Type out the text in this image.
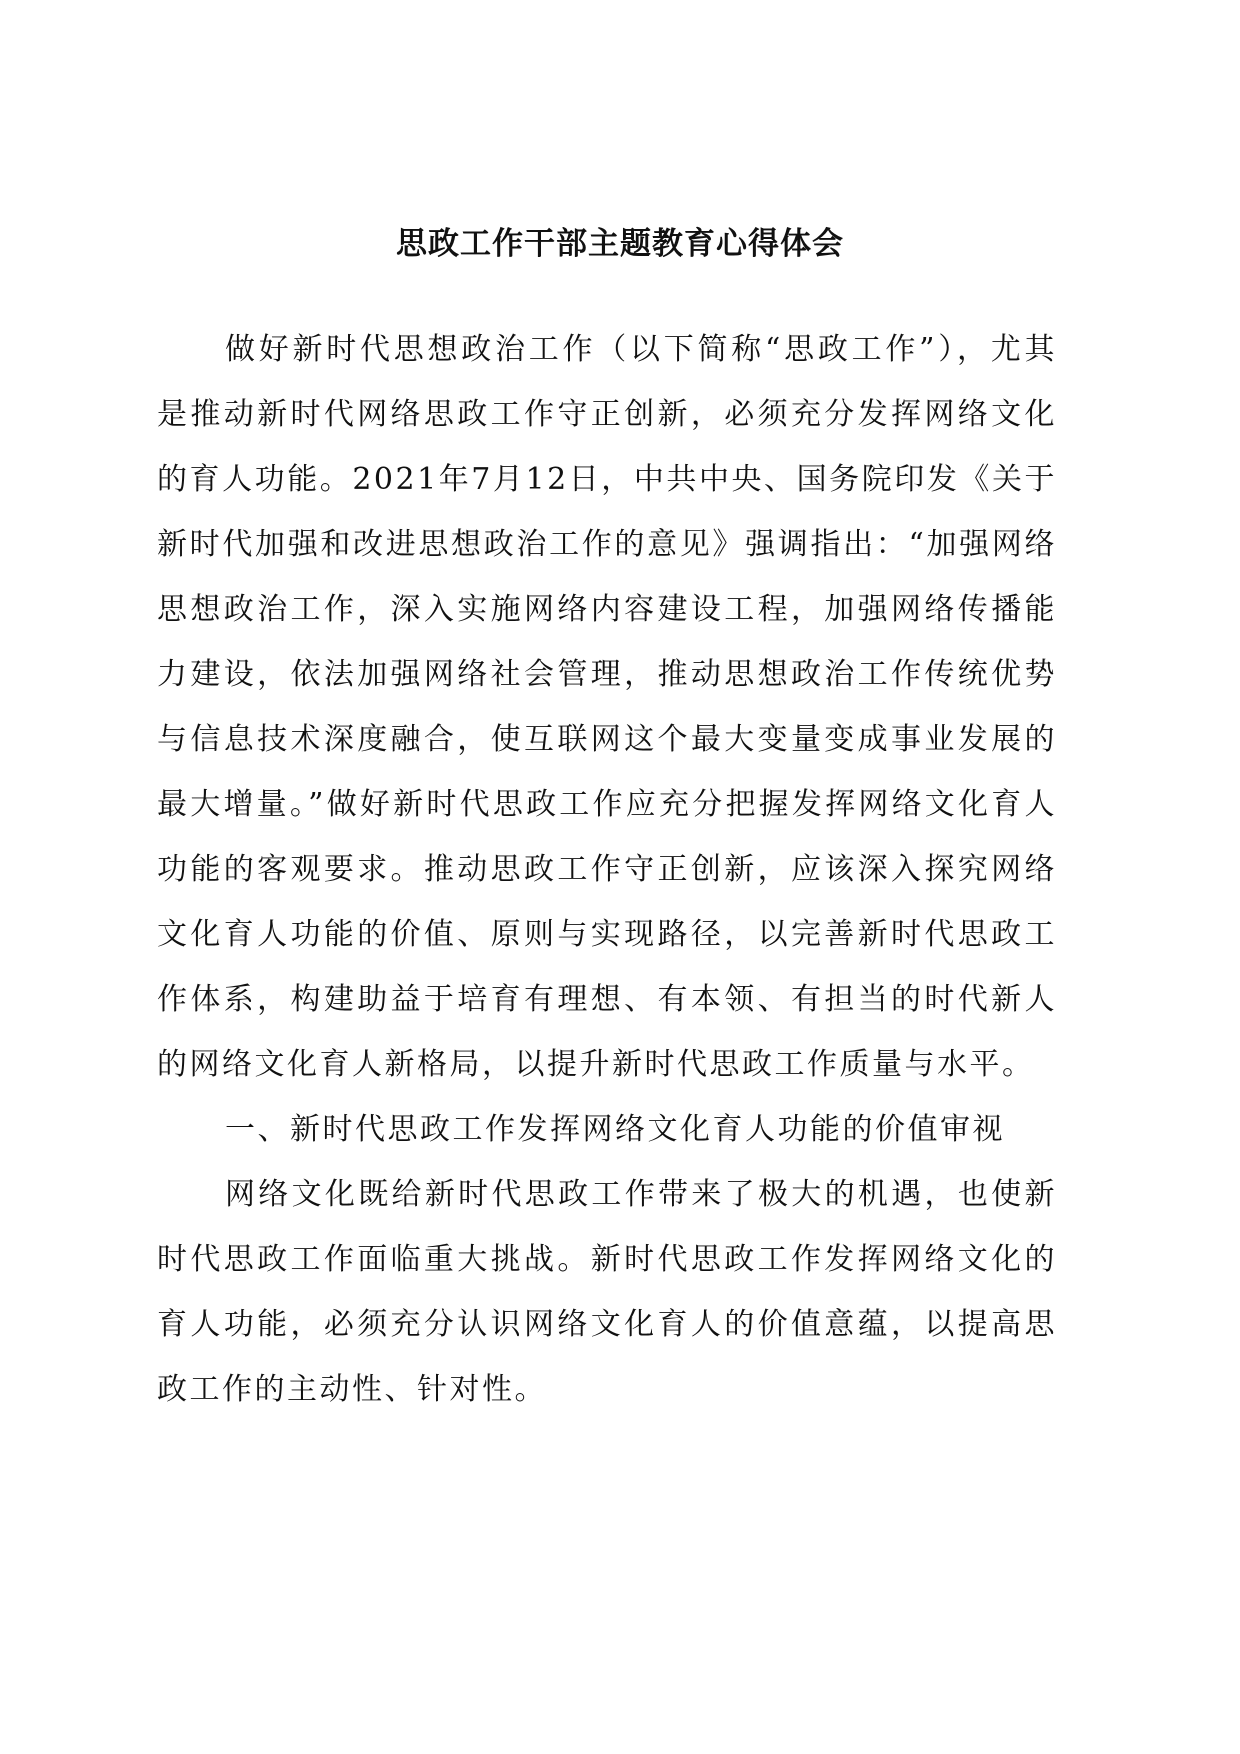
思政工作干部主题教育心得体会

做好新时代思想政治工作（以下简称“思政工作”），尤其是推动新时代网络思政工作守正创新，必须充分发挥网络文化的育人功能。2021年7月12日，中共中央、国务院印发《关于新时代加强和改进思想政治工作的意见》强调指出：“加强网络思想政治工作，深入实施网络内容建设工程，加强网络传播能力建设，依法加强网络社会管理，推动思想政治工作传统优势与信息技术深度融合，使互联网这个最大变量变成事业发展的最大增量。”做好新时代思政工作应充分把握发挥网络文化育人功能的客观要求。推动思政工作守正创新，应该深入探究网络文化育人功能的价值、原则与实现路径，以完善新时代思政工作体系，构建助益于培育有理想、有本领、有担当的时代新人的网络文化育人新格局，以提升新时代思政工作质量与水平。

一、新时代思政工作发挥网络文化育人功能的价值审视

网络文化既给新时代思政工作带来了极大的机遇，也使新时代思政工作面临重大挑战。新时代思政工作发挥网络文化的育人功能，必须充分认识网络文化育人的价值意蕴，以提高思政工作的主动性、针对性。
